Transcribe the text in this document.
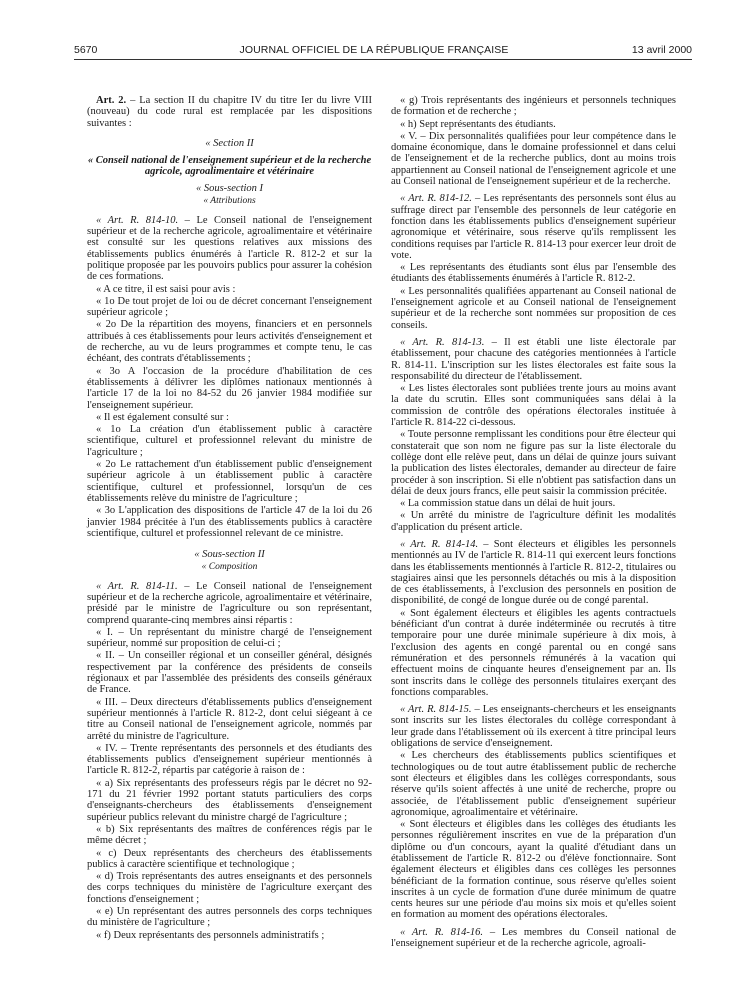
5670	JOURNAL OFFICIEL DE LA RÉPUBLIQUE FRANÇAISE	13 avril 2000

Art. 2. – La section II du chapitre IV du titre Ier du livre VIII (nouveau) du code rural est remplacée par les dispositions suivantes :

« Section II

« Conseil national de l'enseignement supérieur et de la recherche agricole, agroalimentaire et vétérinaire

« Sous-section I

« Attributions

« Art. R. 814-10. – Le Conseil national de l'enseignement supérieur et de la recherche agricole, agroalimentaire et vétérinaire est consulté sur les questions relatives aux missions des établissements publics énumérés à l'article R. 812-2 et sur la politique proposée par les pouvoirs publics pour assurer la cohésion de ces formations.

« A ce titre, il est saisi pour avis :

« 1o De tout projet de loi ou de décret concernant l'enseignement supérieur agricole ;

« 2o De la répartition des moyens, financiers et en personnels attribués à ces établissements pour leurs activités d'enseignement et de recherche, au vu de leurs programmes et compte tenu, le cas échéant, des contrats d'établissements ;

« 3o A l'occasion de la procédure d'habilitation de ces établissements à délivrer les diplômes nationaux mentionnés à l'article 17 de la loi no 84-52 du 26 janvier 1984 modifiée sur l'enseignement supérieur.

« Il est également consulté sur :

« 1o La création d'un établissement public à caractère scientifique, culturel et professionnel relevant du ministre de l'agriculture ;

« 2o Le rattachement d'un établissement public d'enseignement supérieur agricole à un établissement public à caractère scientifique, culturel et professionnel, lorsqu'un de ces établissements relève du ministre de l'agriculture ;

« 3o L'application des dispositions de l'article 47 de la loi du 26 janvier 1984 précitée à l'un des établissements publics à caractère scientifique, culturel et professionnel relevant de ce ministre.

« Sous-section II

« Composition

« Art. R. 814-11. – Le Conseil national de l'enseignement supérieur et de la recherche agricole, agroalimentaire et vétérinaire, présidé par le ministre de l'agriculture ou son représentant, comprend quarante-cinq membres ainsi répartis :

« I. – Un représentant du ministre chargé de l'enseignement supérieur, nommé sur proposition de celui-ci ;

« II. – Un conseiller régional et un conseiller général, désignés respectivement par la conférence des présidents de conseils régionaux et par l'assemblée des présidents des conseils généraux de France.

« III. – Deux directeurs d'établissements publics d'enseignement supérieur mentionnés à l'article R. 812-2, dont celui siégeant à ce titre au Conseil national de l'enseignement agricole, nommés par arrêté du ministre de l'agriculture.

« IV. – Trente représentants des personnels et des étudiants des établissements publics d'enseignement supérieur mentionnés à l'article R. 812-2, répartis par catégorie à raison de :

« a) Six représentants des professeurs régis par le décret no 92-171 du 21 février 1992 portant statuts particuliers des corps d'enseignants-chercheurs des établissements d'enseignement supérieur publics relevant du ministre chargé de l'agriculture ;

« b) Six représentants des maîtres de conférences régis par le même décret ;

« c) Deux représentants des chercheurs des établissements publics à caractère scientifique et technologique ;

« d) Trois représentants des autres enseignants et des personnels des corps techniques du ministère de l'agriculture exerçant des fonctions d'enseignement ;

« e) Un représentant des autres personnels des corps techniques du ministère de l'agriculture ;

« f) Deux représentants des personnels administratifs ;

« g) Trois représentants des ingénieurs et personnels techniques de formation et de recherche ;

« h) Sept représentants des étudiants.

« V. – Dix personnalités qualifiées pour leur compétence dans le domaine économique, dans le domaine professionnel et dans celui de l'enseignement et de la recherche publics, dont au moins trois appartiennent au Conseil national de l'enseignement agricole et une au Conseil national de l'enseignement supérieur et de la recherche.

« Art. R. 814-12. – Les représentants des personnels sont élus au suffrage direct par l'ensemble des personnels de leur catégorie en fonction dans les établissements publics d'enseignement supérieur agronomique et vétérinaire, sous réserve qu'ils remplissent les conditions requises par l'article R. 814-13 pour exercer leur droit de vote.

« Les représentants des étudiants sont élus par l'ensemble des étudiants des établissements énumérés à l'article R. 812-2.

« Les personnalités qualifiées appartenant au Conseil national de l'enseignement agricole et au Conseil national de l'enseignement supérieur et de la recherche sont nommées sur proposition de ces conseils.

« Art. R. 814-13. – Il est établi une liste électorale par établissement, pour chacune des catégories mentionnées à l'article R. 814-11. L'inscription sur les listes électorales est faite sous la responsabilité du directeur de l'établissement.

« Les listes électorales sont publiées trente jours au moins avant la date du scrutin. Elles sont communiquées sans délai à la commission de contrôle des opérations électorales instituée à l'article R. 814-22 ci-dessous.

« Toute personne remplissant les conditions pour être électeur qui constaterait que son nom ne figure pas sur la liste électorale du collège dont elle relève peut, dans un délai de quinze jours suivant la publication des listes électorales, demander au directeur de faire procéder à son inscription. Si elle n'obtient pas satisfaction dans un délai de deux jours francs, elle peut saisir la commission précitée.

« La commission statue dans un délai de huit jours.

« Un arrêté du ministre de l'agriculture définit les modalités d'application du présent article.

« Art. R. 814-14. – Sont électeurs et éligibles les personnels mentionnés au IV de l'article R. 814-11 qui exercent leurs fonctions dans les établissements mentionnés à l'article R. 812-2, titulaires ou stagiaires ainsi que les personnels détachés ou mis à la disposition de ces établissements, à l'exclusion des personnels en position de disponibilité, de congé de longue durée ou de congé parental.

« Sont également électeurs et éligibles les agents contractuels bénéficiant d'un contrat à durée indéterminée ou recrutés à titre temporaire pour une durée minimale supérieure à dix mois, à l'exclusion des agents en congé parental ou en congé sans rémunération et des personnels rémunérés à la vacation qui effectuent moins de cinquante heures d'enseignement par an. Ils sont inscrits dans le collège des personnels titulaires exerçant des fonctions comparables.

« Art. R. 814-15. – Les enseignants-chercheurs et les enseignants sont inscrits sur les listes électorales du collège correspondant à leur grade dans l'établissement où ils exercent à titre principal leurs obligations de service d'enseignement.

« Les chercheurs des établissements publics scientifiques et technologiques ou de tout autre établissement public de recherche sont électeurs et éligibles dans les collèges correspondants, sous réserve qu'ils soient affectés à une unité de recherche, propre ou associée, de l'établissement public d'enseignement supérieur agronomique, agroalimentaire et vétérinaire.

« Sont électeurs et éligibles dans les collèges des étudiants les personnes régulièrement inscrites en vue de la préparation d'un diplôme ou d'un concours, ayant la qualité d'étudiant dans un établissement de l'article R. 812-2 ou d'élève fonctionnaire. Sont également électeurs et éligibles dans ces collèges les personnes bénéficiant de la formation continue, sous réserve qu'elles soient inscrites à un cycle de formation d'une durée minimum de quatre cents heures sur une période d'au moins six mois et qu'elles soient en formation au moment des opérations électorales.

« Art. R. 814-16. – Les membres du Conseil national de l'enseignement supérieur et de la recherche agricole, agroali-
